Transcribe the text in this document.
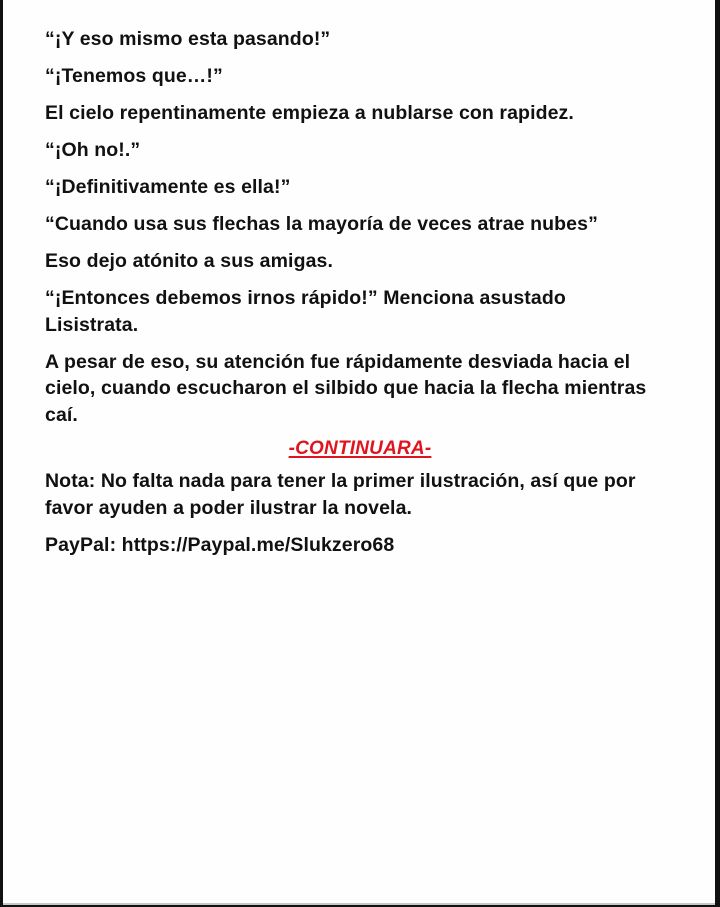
“¡Y eso mismo esta pasando!”

“¡Tenemos que…!”

El cielo repentinamente empieza a nublarse con rapidez.

“¡Oh no!.”

“¡Definitivamente es ella!”

“Cuando usa sus flechas la mayoría de veces atrae nubes”

Eso dejo atónito a sus amigas.

“¡Entonces debemos irnos rápido!” Menciona asustado Lisistrata.

A pesar de eso, su atención fue rápidamente desviada hacia el cielo, cuando escucharon el silbido que hacia la flecha mientras caí.

-CONTINUARA-

Nota: No falta nada para tener la primer ilustración, así que por favor ayuden a poder ilustrar la novela.

PayPal: https://Paypal.me/Slukzero68
